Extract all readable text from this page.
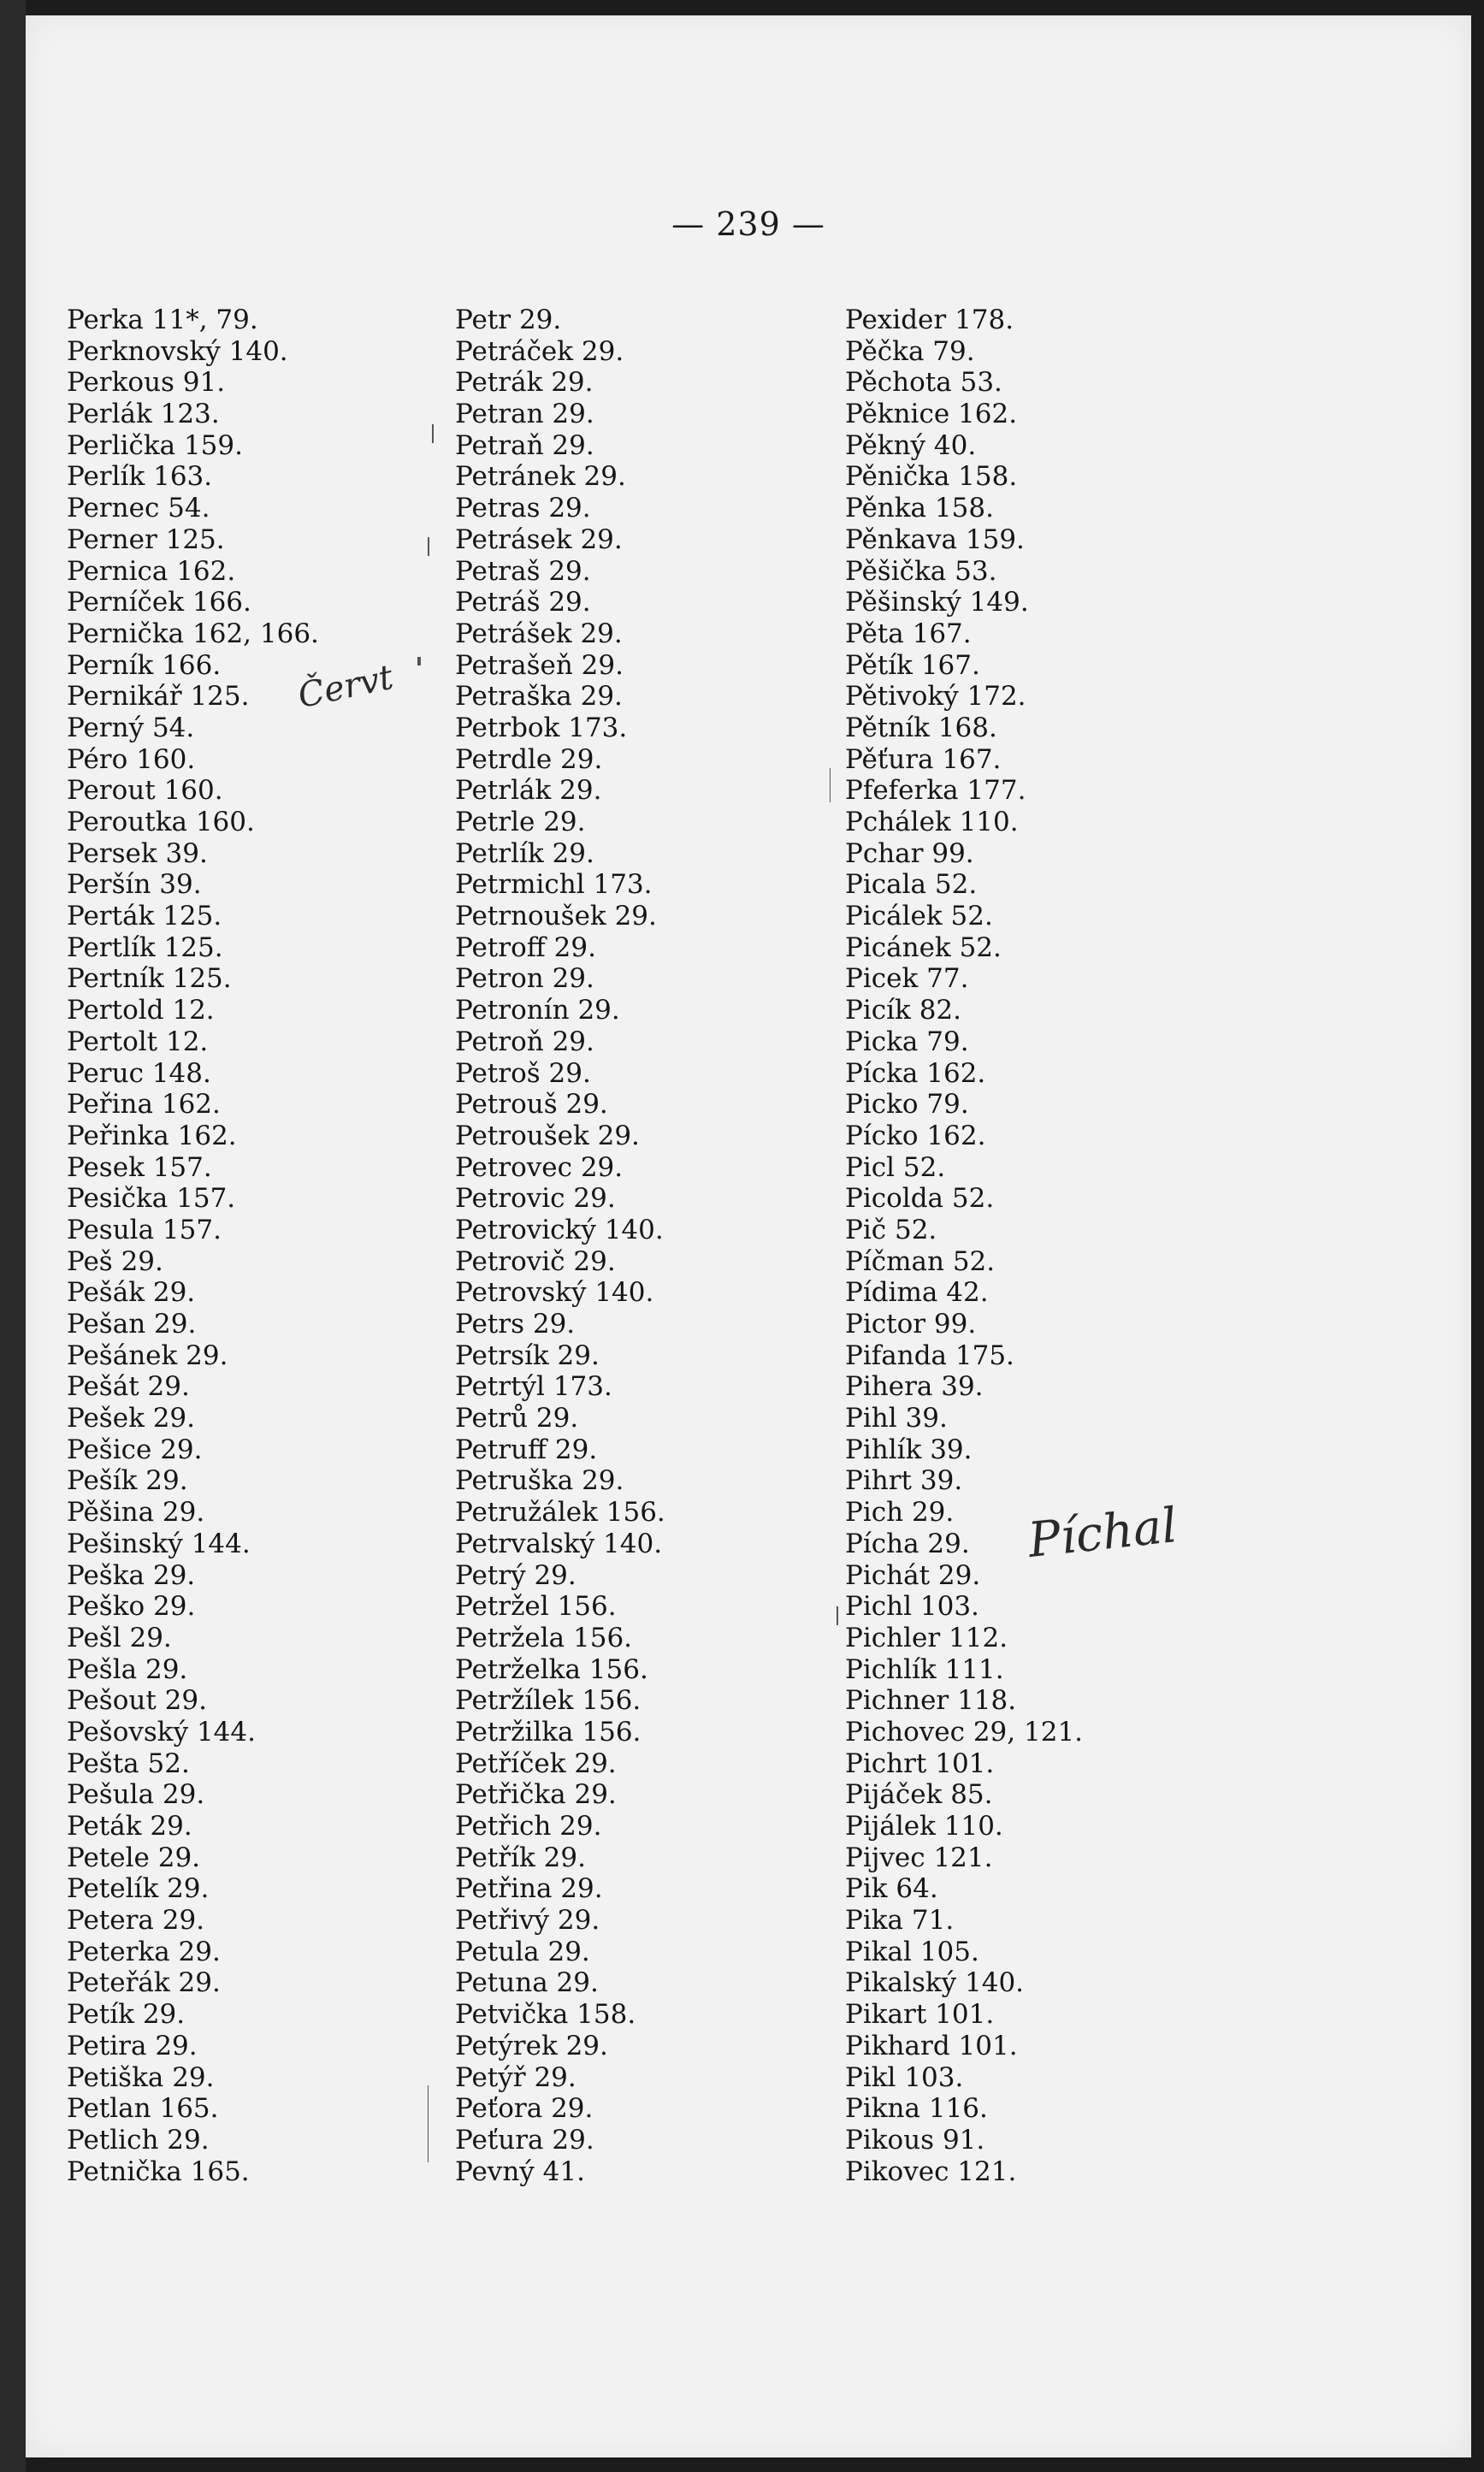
— 239 —
Perka 11*, 79.
Perknovský 140.
Perkous 91.
Perlák 123.
Perlička 159.
Perlík 163.
Pernec 54.
Perner 125.
Pernica 162.
Perníček 166.
Pernička 162, 166.
Perník 166.
Pernikář 125.
Perný 54.
Péro 160.
Perout 160.
Peroutka 160.
Persek 39.
Peršín 39.
Perták 125.
Pertlík 125.
Pertník 125.
Pertold 12.
Pertolt 12.
Peruc 148.
Peřina 162.
Peřinka 162.
Pesek 157.
Pesička 157.
Pesula 157.
Peš 29.
Pešák 29.
Pešan 29.
Pešánek 29.
Pešát 29.
Pešek 29.
Pešice 29.
Pešík 29.
Pěšina 29.
Pešinský 144.
Peška 29.
Peško 29.
Pešl 29.
Pešla 29.
Pešout 29.
Pešovský 144.
Pešta 52.
Pešula 29.
Peták 29.
Petele 29.
Petelík 29.
Petera 29.
Peterka 29.
Peteřák 29.
Petík 29.
Petira 29.
Petiška 29.
Petlan 165.
Petlich 29.
Petnička 165.
Petr 29.
Petráček 29.
Petrák 29.
Petran 29.
Petraň 29.
Petránek 29.
Petras 29.
Petrásek 29.
Petraš 29.
Petráš 29.
Petrášek 29.
Petrašeň 29.
Petraška 29.
Petrbok 173.
Petrdle 29.
Petrlák 29.
Petrle 29.
Petrlík 29.
Petrmichl 173.
Petrnoušek 29.
Petroff 29.
Petron 29.
Petronín 29.
Petroň 29.
Petroš 29.
Petrouš 29.
Petroušek 29.
Petrovec 29.
Petrovic 29.
Petrovický 140.
Petrovič 29.
Petrovský 140.
Petrs 29.
Petrsík 29.
Petrtýl 173.
Petrů 29.
Petruff 29.
Petruška 29.
Petružálek 156.
Petrvalský 140.
Petrý 29.
Petržel 156.
Petržela 156.
Petrželka 156.
Petržílek 156.
Petržilka 156.
Petříček 29.
Petřička 29.
Petřich 29.
Petřík 29.
Petřina 29.
Petřivý 29.
Petula 29.
Petuna 29.
Petvička 158.
Petýrek 29.
Petýř 29.
Peťora 29.
Peťura 29.
Pevný 41.
Pexider 178.
Pěčka 79.
Pěchota 53.
Pěknice 162.
Pěkný 40.
Pěnička 158.
Pěnka 158.
Pěnkava 159.
Pěšička 53.
Pěšinský 149.
Pěta 167.
Pětík 167.
Pětivoký 172.
Pětník 168.
Pěťura 167.
Pfeferka 177.
Pchálek 110.
Pchar 99.
Picala 52.
Picálek 52.
Picánek 52.
Picek 77.
Picík 82.
Picka 79.
Pícka 162.
Picko 79.
Pícko 162.
Picl 52.
Picolda 52.
Pič 52.
Píčman 52.
Pídima 42.
Pictor 99.
Pifanda 175.
Pihera 39.
Pihl 39.
Pihlík 39.
Pihrt 39.
Pich 29.
Pícha 29.
Pichát 29.
Pichl 103.
Pichler 112.
Pichlík 111.
Pichner 118.
Pichovec 29, 121.
Pichrt 101.
Pijáček 85.
Pijálek 110.
Pijvec 121.
Pik 64.
Pika 71.
Pikal 105.
Pikalský 140.
Pikart 101.
Pikhard 101.
Pikl 103.
Pikna 116.
Pikous 91.
Pikovec 121.
Červt
Píchal
